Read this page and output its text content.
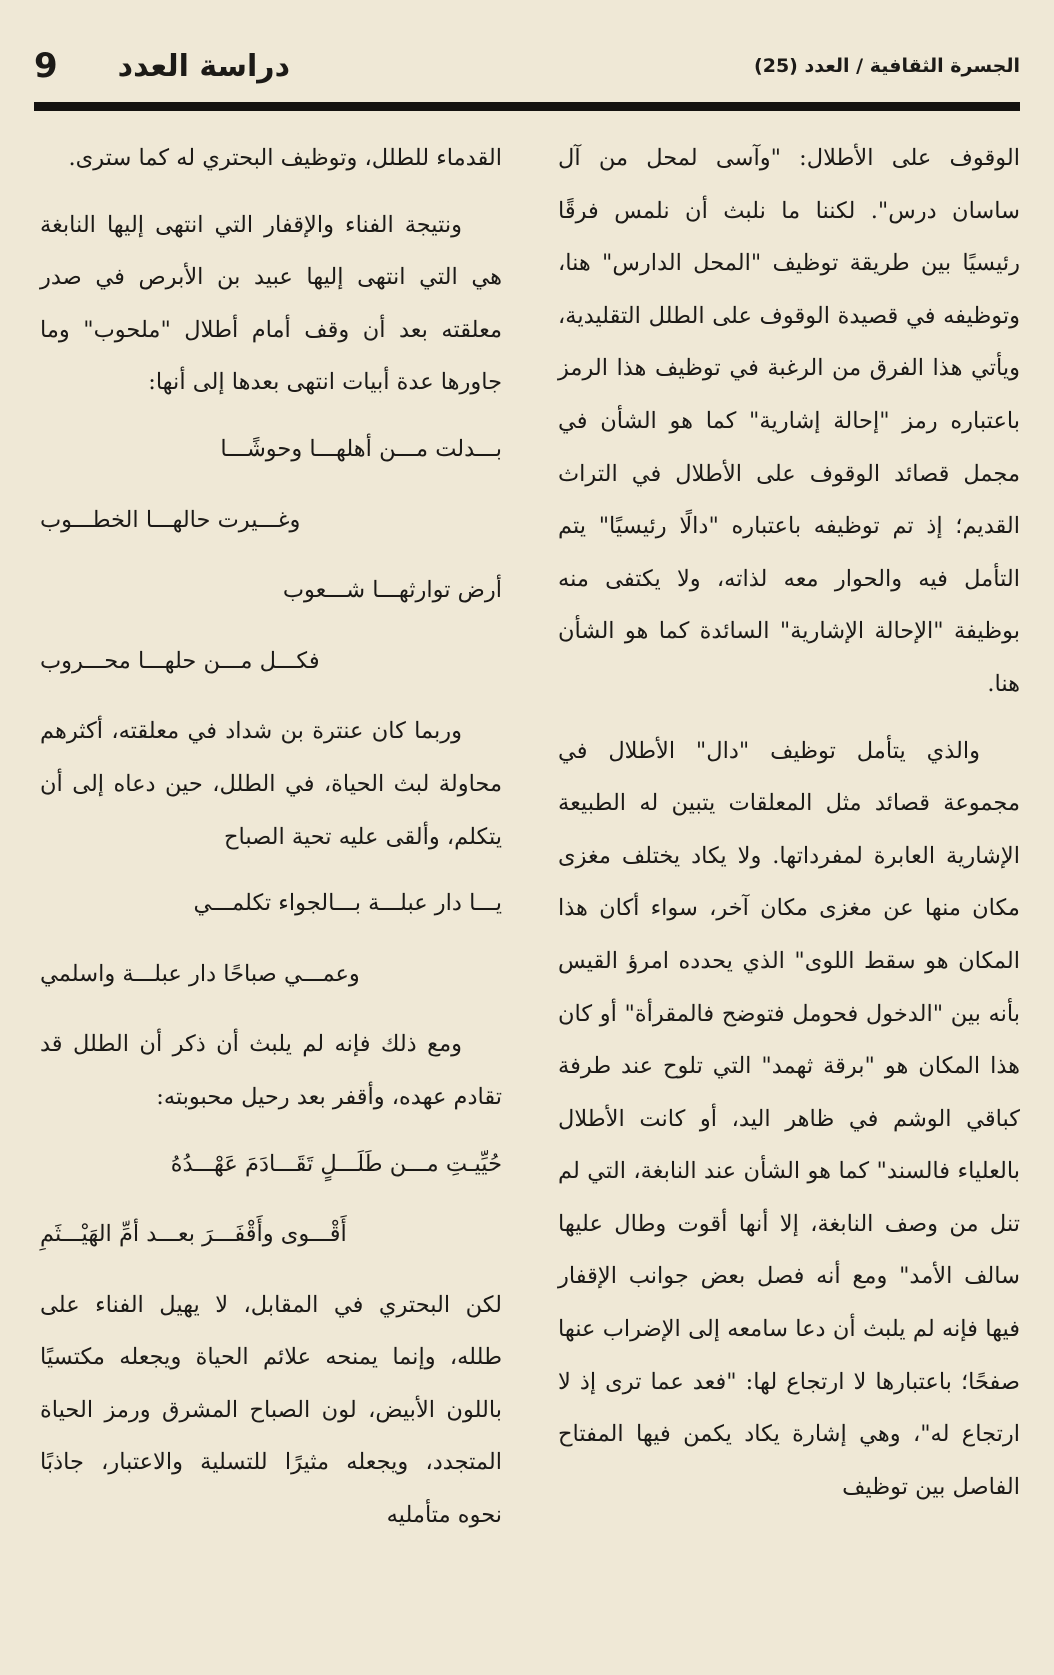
9 دراسة العدد	الجسرة الثقافية / العدد (25)

الوقوف على الأطلال: "وآسى لمحل من آل ساسان درس". لكننا ما نلبث أن نلمس فرقًا رئيسيًا بين طريقة توظيف "المحل الدارس" هنا، وتوظيفه في قصيدة الوقوف على الطلل التقليدية، ويأتي هذا الفرق من الرغبة في توظيف هذا الرمز باعتباره رمز "إحالة إشارية" كما هو الشأن في مجمل قصائد الوقوف على الأطلال في التراث القديم؛ إذ تم توظيفه باعتباره "دالًا رئيسيًا" يتم التأمل فيه والحوار معه لذاته، ولا يكتفى منه بوظيفة "الإحالة الإشارية" السائدة كما هو الشأن هنا.

والذي يتأمل توظيف "دال" الأطلال في مجموعة قصائد مثل المعلقات يتبين له الطبيعة الإشارية العابرة لمفرداتها. ولا يكاد يختلف مغزى مكان منها عن مغزى مكان آخر، سواء أكان هذا المكان هو سقط اللوى" الذي يحدده امرؤ القيس بأنه بين "الدخول فحومل فتوضح فالمقرأة" أو كان هذا المكان هو "برقة ثهمد" التي تلوح عند طرفة كباقي الوشم في ظاهر اليد، أو كانت الأطلال بالعلياء فالسند" كما هو الشأن عند النابغة، التي لم تنل من وصف النابغة، إلا أنها أقوت وطال عليها سالف الأمد" ومع أنه فصل بعض جوانب الإقفار فيها فإنه لم يلبث أن دعا سامعه إلى الإضراب عنها صفحًا؛ باعتبارها لا ارتجاع لها: "فعد عما ترى إذ لا ارتجاع له"، وهي إشارة يكاد يكمن فيها المفتاح الفاصل بين توظيف

القدماء للطلل، وتوظيف البحتري له كما سترى.

ونتيجة الفناء والإقفار التي انتهى إليها النابغة هي التي انتهى إليها عبيد بن الأبرص في صدر معلقته بعد أن وقف أمام أطلال "ملحوب" وما جاورها عدة أبيات انتهى بعدها إلى أنها:

بـــدلت مـــن أهلهـــا وحوشًـــا
وغـــيرت حالهـــا الخطـــوب
أرض توارثهـــا شـــعوب
فكـــل مـــن حلهـــا محـــروب

وربما كان عنترة بن شداد في معلقته، أكثرهم محاولة لبث الحياة، في الطلل، حين دعاه إلى أن يتكلم، وألقى عليه تحية الصباح

يـــا دار عبلـــة بـــالجواء تكلمـــي
وعمـــي صباحًا دار عبلـــة واسلمي

ومع ذلك فإنه لم يلبث أن ذكر أن الطلل قد تقادم عهده، وأقفر بعد رحيل محبوبته:

حُيِّيـتِ مـــن طَلَـــلٍ تَقَـــادَمَ عَهْـــدُهُ
أَقْـــوى وأَقْفَـــرَ بعـــد أمِّ الهَيْـــثَمِ

لكن البحتري في المقابل، لا يهيل الفناء على طلله، وإنما يمنحه علائم الحياة ويجعله مكتسيًا باللون الأبيض، لون الصباح المشرق ورمز الحياة المتجدد، ويجعله مثيرًا للتسلية والاعتبار، جاذبًا نحوه متأمليه
